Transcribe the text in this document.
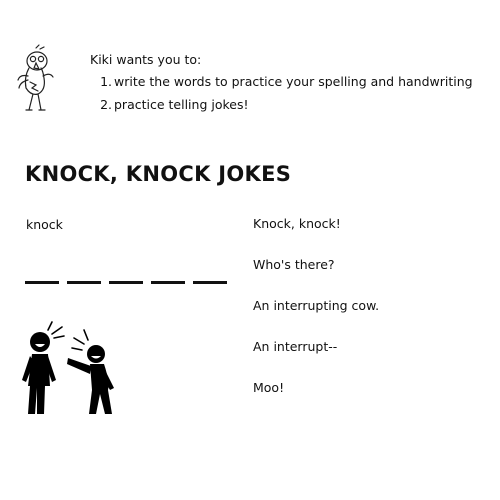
Kiki wants you to:
1. write the words to practice your spelling and handwriting
2. practice telling jokes!
KNOCK, KNOCK JOKES
knock	Knock, knock!
Who's there?
An interrupting cow.
An interrupt--
Moo!
